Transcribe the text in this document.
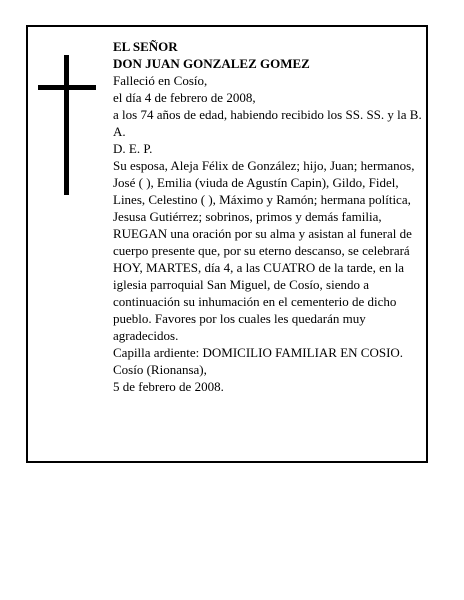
EL SEÑOR
DON JUAN GONZALEZ GOMEZ
Falleció en Cosío,
el día 4 de febrero de 2008,
a los 74 años de edad, habiendo recibido los SS. SS. y la B. A.
D. E. P.
Su esposa, Aleja Félix de González; hijo, Juan; hermanos, José ( ), Emilia (viuda de Agustín Capin), Gildo, Fidel, Lines, Celestino ( ), Máximo y Ramón; hermana política, Jesusa Gutiérrez; sobrinos, primos y demás familia,
RUEGAN una oración por su alma y asistan al funeral de cuerpo presente que, por su eterno descanso, se celebrará HOY, MARTES, día 4, a las CUATRO de la tarde, en la iglesia parroquial San Miguel, de Cosío, siendo a continuación su inhumación en el cementerio de dicho pueblo. Favores por los cuales les quedarán muy agradecidos.
Capilla ardiente: DOMICILIO FAMILIAR EN COSIO.
Cosío (Rionansa),
5 de febrero de 2008.
